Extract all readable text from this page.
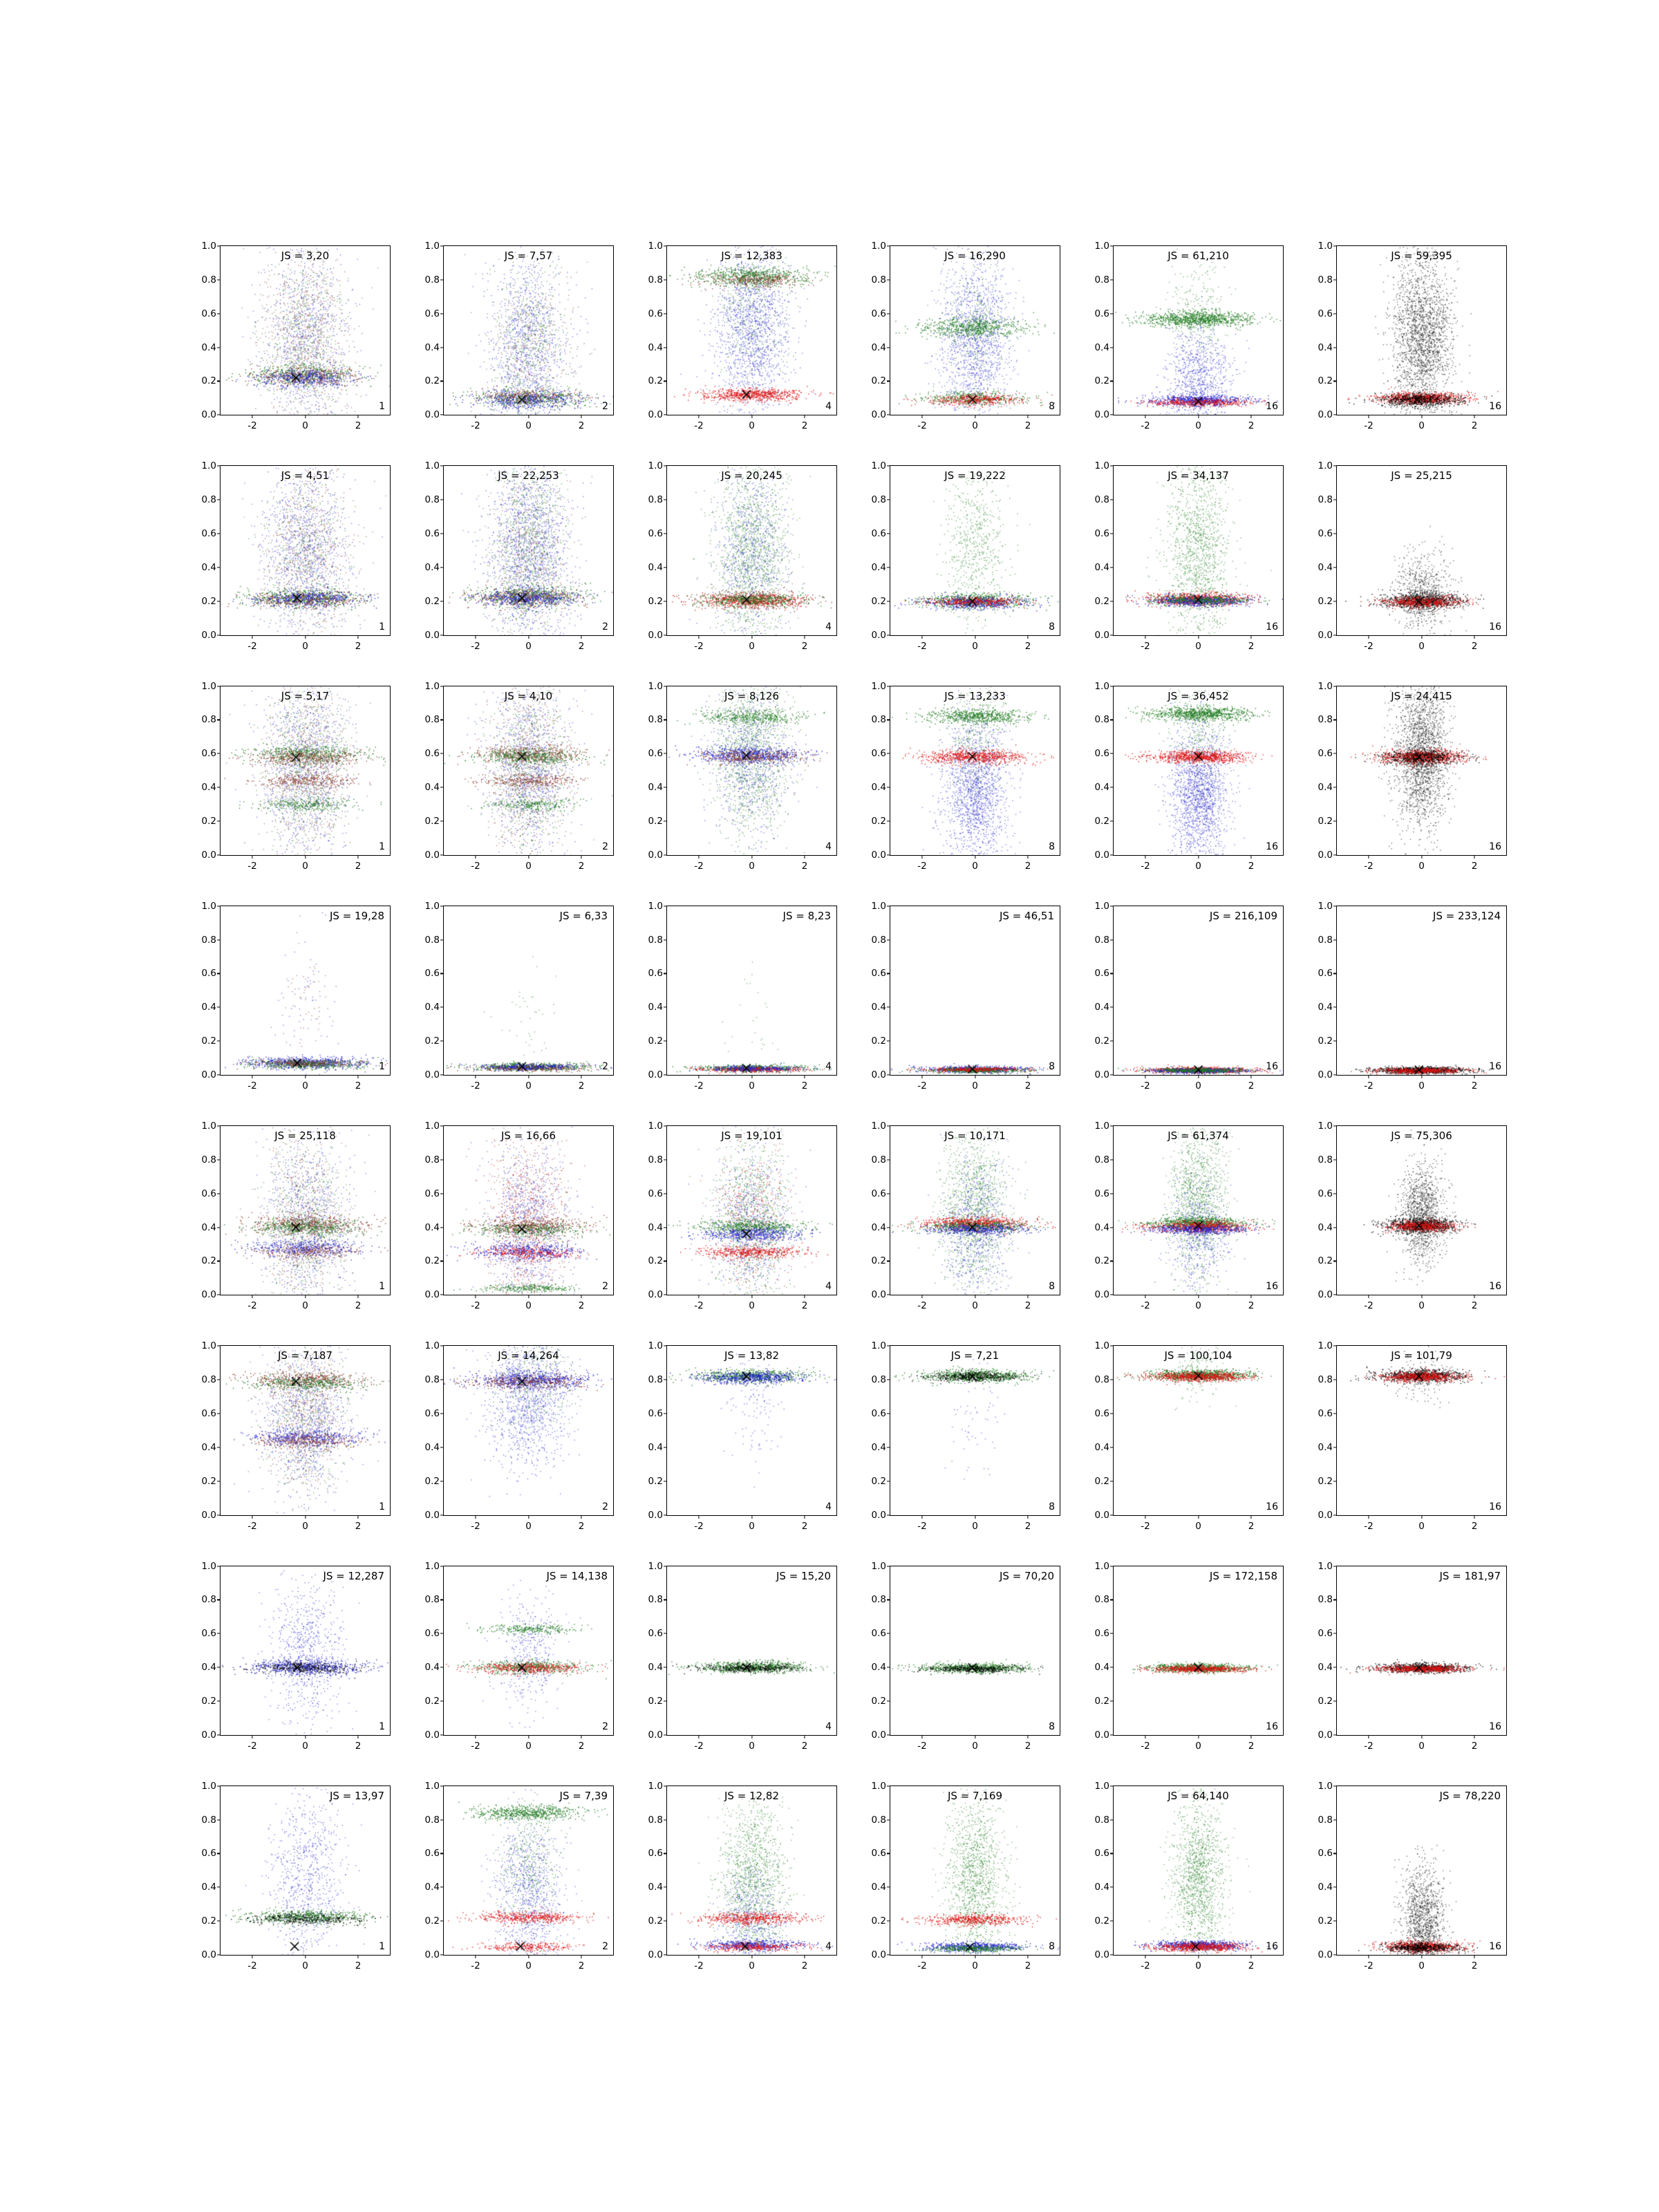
0.0
0.2
0.4
0.6
0.8
1.0
-2	0	2
JS = 3,20
1
0.0
0.2
0.4
0.6
0.8
1.0
-2	0	2
JS = 7,57
2
0.0
0.2
0.4
0.6
0.8
1.0
-2	0	2
JS = 12,383
4
0.0
0.2
0.4
0.6
0.8
1.0
-2	0	2
JS = 16,290
8
0.0
0.2
0.4
0.6
0.8
1.0
-2	0	2
JS = 61,210
16
0.0
0.2
0.4
0.6
0.8
1.0
-2	0	2
JS = 59,395
16
0.0
0.2
0.4
0.6
0.8
1.0
-2	0	2
JS = 4,51
1
0.0
0.2
0.4
0.6
0.8
1.0
-2	0	2
JS = 22,253
2
0.0
0.2
0.4
0.6
0.8
1.0
-2	0	2
JS = 20,245
4
0.0
0.2
0.4
0.6
0.8
1.0
-2	0	2
JS = 19,222
8
0.0
0.2
0.4
0.6
0.8
1.0
-2	0	2
JS = 34,137
16
0.0
0.2
0.4
0.6
0.8
1.0
-2	0	2
JS = 25,215
16
0.0
0.2
0.4
0.6
0.8
1.0
-2	0	2
JS = 5,17
1
0.0
0.2
0.4
0.6
0.8
1.0
-2	0	2
JS = 4,10
2
0.0
0.2
0.4
0.6
0.8
1.0
-2	0	2
JS = 8,126
4
0.0
0.2
0.4
0.6
0.8
1.0
-2	0	2
JS = 13,233
8
0.0
0.2
0.4
0.6
0.8
1.0
-2	0	2
JS = 36,452
16
0.0
0.2
0.4
0.6
0.8
1.0
-2	0	2
JS = 24,415
16
0.0
0.2
0.4
0.6
0.8
1.0
-2	0	2
JS = 19,28
1
0.0
0.2
0.4
0.6
0.8
1.0
-2	0	2
JS = 6,33
2
0.0
0.2
0.4
0.6
0.8
1.0
-2	0	2
JS = 8,23
4
0.0
0.2
0.4
0.6
0.8
1.0
-2	0	2
JS = 46,51
8
0.0
0.2
0.4
0.6
0.8
1.0
-2	0	2
JS = 216,109
16
0.0
0.2
0.4
0.6
0.8
1.0
-2	0	2
JS = 233,124
16
0.0
0.2
0.4
0.6
0.8
1.0
-2	0	2
JS = 25,118
1
0.0
0.2
0.4
0.6
0.8
1.0
-2	0	2
JS = 16,66
2
0.0
0.2
0.4
0.6
0.8
1.0
-2	0	2
JS = 19,101
4
0.0
0.2
0.4
0.6
0.8
1.0
-2	0	2
JS = 10,171
8
0.0
0.2
0.4
0.6
0.8
1.0
-2	0	2
JS = 61,374
16
0.0
0.2
0.4
0.6
0.8
1.0
-2	0	2
JS = 75,306
16
0.0
0.2
0.4
0.6
0.8
1.0
-2	0	2
JS = 7,187
1
0.0
0.2
0.4
0.6
0.8
1.0
-2	0	2
JS = 14,264
2
0.0
0.2
0.4
0.6
0.8
1.0
-2	0	2
JS = 13,82
4
0.0
0.2
0.4
0.6
0.8
1.0
-2	0	2
JS = 7,21
8
0.0
0.2
0.4
0.6
0.8
1.0
-2	0	2
JS = 100,104
16
0.0
0.2
0.4
0.6
0.8
1.0
-2	0	2
JS = 101,79
16
0.0
0.2
0.4
0.6
0.8
1.0
-2	0	2
JS = 12,287
1
0.0
0.2
0.4
0.6
0.8
1.0
-2	0	2
JS = 14,138
2
0.0
0.2
0.4
0.6
0.8
1.0
-2	0	2
JS = 15,20
4
0.0
0.2
0.4
0.6
0.8
1.0
-2	0	2
JS = 70,20
8
0.0
0.2
0.4
0.6
0.8
1.0
-2	0	2
JS = 172,158
16
0.0
0.2
0.4
0.6
0.8
1.0
-2	0	2
JS = 181,97
16
0.0
0.2
0.4
0.6
0.8
1.0
-2	0	2
JS = 13,97
1
0.0
0.2
0.4
0.6
0.8
1.0
-2	0	2
JS = 7,39
2
0.0
0.2
0.4
0.6
0.8
1.0
-2	0	2
JS = 12,82
4
0.0
0.2
0.4
0.6
0.8
1.0
-2	0	2
JS = 7,169
8
0.0
0.2
0.4
0.6
0.8
1.0
-2	0	2
JS = 64,140
16
0.0
0.2
0.4
0.6
0.8
1.0
-2	0	2
JS = 78,220
16
